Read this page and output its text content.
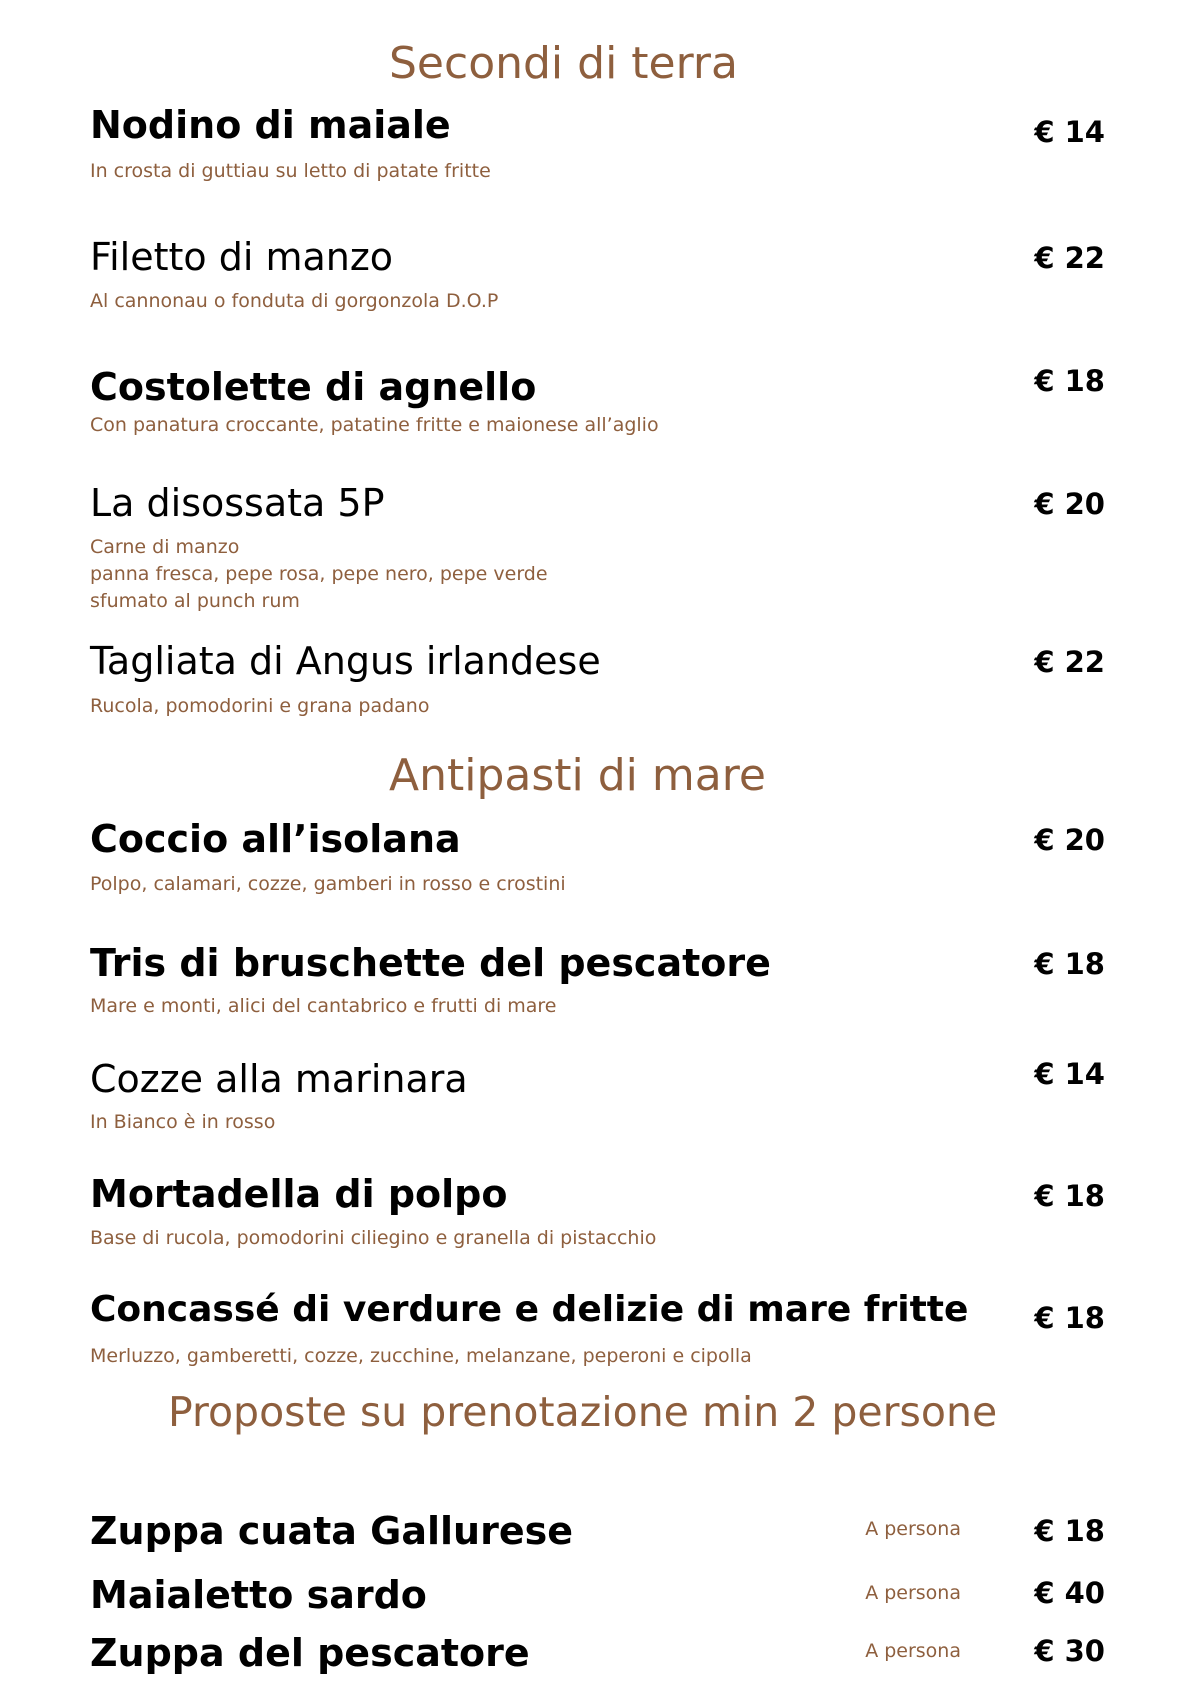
Secondi di terra
Nodino di maiale	€ 14

In crosta di guttiau su letto di patate fritte

Filetto di manzo	€ 22

Al cannonau o fonduta di gorgonzola D.O.P

Costolette di agnello	€ 18

Con panatura croccante, patatine fritte e maionese all’aglio

La disossata 5P	€ 20

Carne di manzo

panna fresca, pepe rosa, pepe nero, pepe verde

sfumato al punch rum

Tagliata di Angus irlandese	€ 22

Rucola, pomodorini e grana padano

Antipasti di mare
Coccio all’isolana	€ 20

Polpo, calamari, cozze, gamberi in rosso e crostini

Tris di bruschette del pescatore	€ 18

Mare e monti, alici del cantabrico e frutti di mare

Cozze alla marinara	€ 14

In Bianco è in rosso

Mortadella di polpo	€ 18

Base di rucola, pomodorini ciliegino e granella di pistacchio

Concassé di verdure e delizie di mare fritte € 18

Merluzzo, gamberetti, cozze, zucchine, melanzane, peperoni e cipolla

Proposte su prenotazione min 2 persone
Zuppa cuata Gallurese	A persona	€ 18
Maialetto sardo	A persona	€ 40
Zuppa del pescatore	A persona	€ 30
